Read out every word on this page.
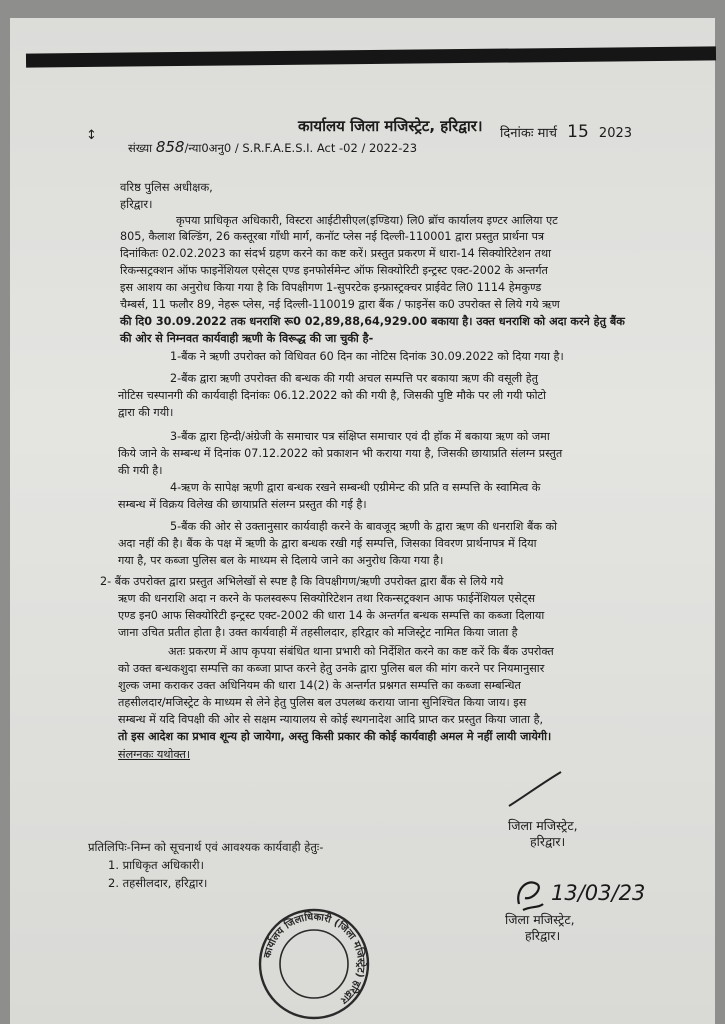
↕
कार्यालय जिला मजिस्ट्रेट, हरिद्वार।
संख्या 858/न्या0अनु0 / S.R.F.A.E.S.I. Act -02 / 2022-23
दिनांकः मार्च 15 2023
वरिष्ठ पुलिस अधीक्षक,
हरिद्वार।
कृपया प्राधिकृत अधिकारी, विस्टरा आईटीसीएल(इण्डिया) लि0 ब्रॉच कार्यालय इण्टर आलिया एट
805, कैलाश बिल्डिंग, 26 कस्तूरबा गाँधी मार्ग, कनॉट प्लेस नई दिल्ली-110001 द्वारा प्रस्तुत प्रार्थना पत्र
दिनांकितः 02.02.2023 का संदर्भ ग्रहण करने का कष्ट करें। प्रस्तुत प्रकरण में धारा-14 सिक्योरिटेशन तथा
रिकन्सट्रक्शन ऑफ फाइनेंशियल एसेट्स एण्ड इनफोर्समेन्ट ऑफ सिक्योरिटी इन्ट्रस्ट एक्ट-2002 के अन्तर्गत
इस आशय का अनुरोध किया गया है कि विपक्षीगण 1-सुपरटेक इन्फ्रास्ट्रक्चर प्राईवेट लि0 1114 हेमकुण्ड
चैम्बर्स, 11 फलौर 89, नेहरू प्लेस, नई दिल्ली-110019 द्वारा बैंक / फाइनेंस क0 उपरोक्त से लिये गये ऋण
की दि0 30.09.2022 तक धनराशि रू0 02,89,88,64,929.00 बकाया है। उक्त धनराशि को अदा करने हेतु बैंक
की ओर से निम्नवत कार्यवाही ऋणी के विरूद्ध की जा चुकी है-
1-बैंक ने ऋणी उपरोक्त को विधिवत 60 दिन का नोटिस दिनांक 30.09.2022 को दिया गया है।
2-बैंक द्वारा ऋणी उपरोक्त की बन्धक की गयी अचल सम्पत्ति पर बकाया ऋण की वसूली हेतु
नोटिस चस्पानगी की कार्यवाही दिनांकः 06.12.2022 को की गयी है, जिसकी पुष्टि मौके पर ली गयी फोटो
द्वारा की गयी।
3-बैंक द्वारा हिन्दी/अंग्रेजी के समाचार पत्र संक्षिप्त समाचार एवं दी हॉक में बकाया ऋण को जमा
किये जाने के सम्बन्ध में दिनांक 07.12.2022 को प्रकाशन भी कराया गया है, जिसकी छायाप्रति संलग्न प्रस्तुत
की गयी है।
4-ऋण के सापेक्ष ऋणी द्वारा बन्धक रखने सम्बन्धी एग्रीमेन्ट की प्रति व सम्पत्ति के स्वामित्व के
सम्बन्ध में विक्रय विलेख की छायाप्रति संलग्न प्रस्तुत की गई है।
5-बैंक की ओर से उक्तानुसार कार्यवाही करने के बावजूद ऋणी के द्वारा ऋण की धनराशि बैंक को
अदा नहीं की है। बैंक के पक्ष में ऋणी के द्वारा बन्धक रखी गई सम्पत्ति, जिसका विवरण प्रार्थनापत्र में दिया
गया है, पर कब्जा पुलिस बल के माध्यम से दिलाये जाने का अनुरोध किया गया है।
2- बैंक उपरोक्त द्वारा प्रस्तुत अभिलेखों से स्पष्ट है कि विपक्षीगण/ऋणी उपरोक्त द्वारा बैंक से लिये गये
ऋण की धनराशि अदा न करने के फलस्वरूप सिक्योरिटेशन तथा रिकन्सट्रक्शन आफ फाईनेंशियल एसेट्स
एण्ड इन0 आफ सिक्योरिटी इन्ट्रस्ट एक्ट-2002 की धारा 14 के अन्तर्गत बन्धक सम्पत्ति का कब्जा दिलाया
जाना उचित प्रतीत होता है। उक्त कार्यवाही में तहसीलदार, हरिद्वार को मजिस्ट्रेट नामित किया जाता है
अतः प्रकरण में आप कृपया संबंधित थाना प्रभारी को निर्देशित करने का कष्ट करें कि बैंक उपरोक्त
को उक्त बन्धकशुदा सम्पत्ति का कब्जा प्राप्त करने हेतु उनके द्वारा पुलिस बल की मांग करने पर नियमानुसार
शुल्क जमा कराकर उक्त अधिनियम की धारा 14(2) के अन्तर्गत प्रश्नगत सम्पत्ति का कब्जा सम्बन्धित
तहसीलदार/मजिस्ट्रेट के माध्यम से लेने हेतु पुलिस बल उपलब्ध कराया जाना सुनिश्चित किया जाय। इस
सम्बन्ध में यदि विपक्षी की ओर से सक्षम न्यायालय से कोई स्थगनादेश आदि प्राप्त कर प्रस्तुत किया जाता है,
तो इस आदेश का प्रभाव शून्य हो जायेगा, अस्तु किसी प्रकार की कोई कार्यवाही अमल मे नहीं लायी जायेगी।
संलग्नकः यथोक्त।
जिला मजिस्ट्रेट,
हरिद्वार।
प्रतिलिपिः-निम्न को सूचनार्थ एवं आवश्यक कार्यवाही हेतुः-
1. प्राधिकृत अधिकारी।
2. तहसीलदार, हरिद्वार।	13/03/23
जिला मजिस्ट्रेट,
हरिद्वार।
कार्यालय जिलाधिकारी (जिला मजिस्ट्रेट) हरिद्वार
